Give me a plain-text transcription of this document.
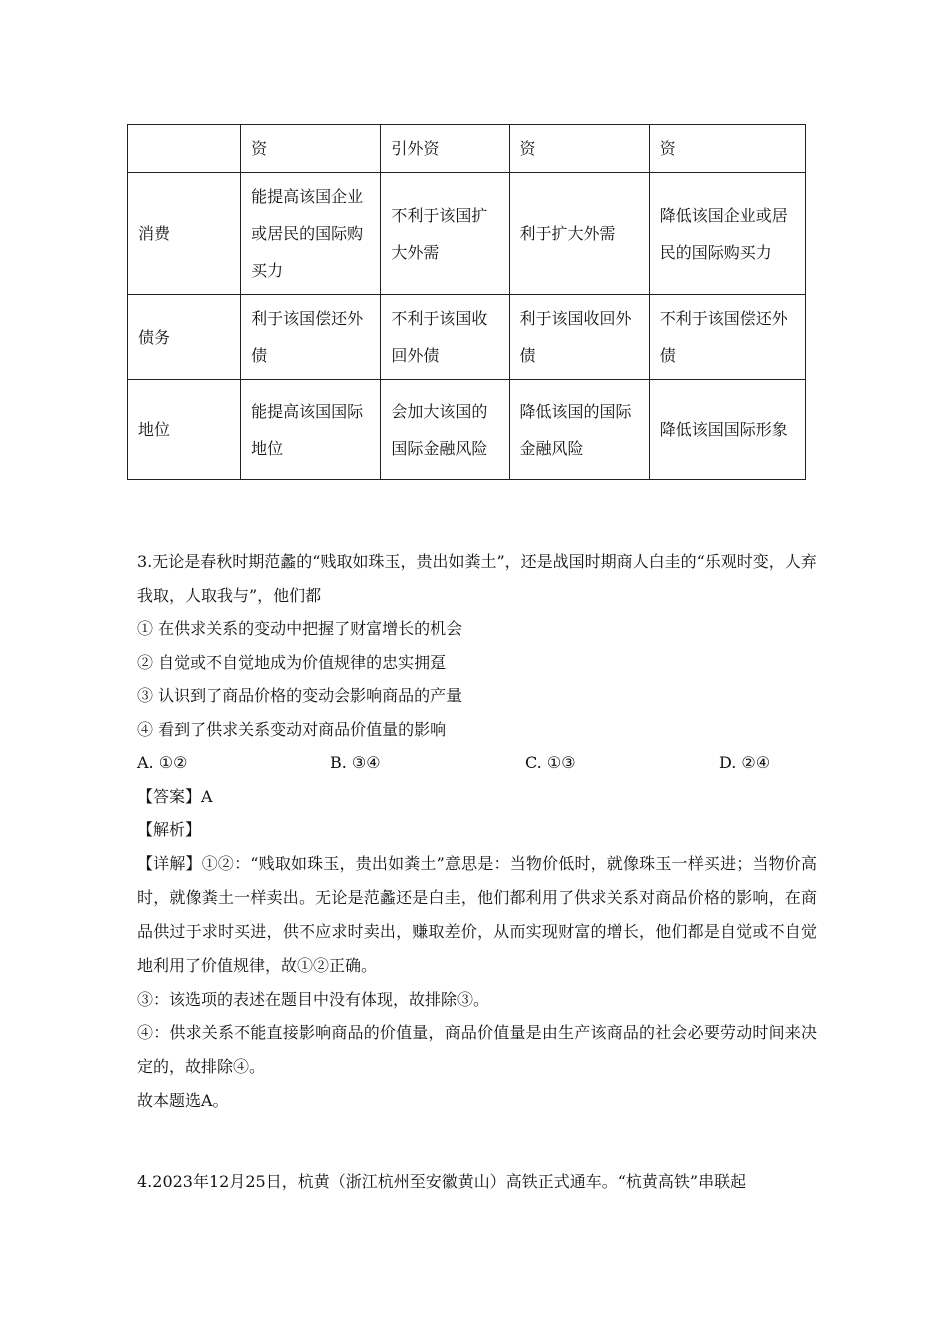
	资	引外资	资	资
消费	能提高该国企业或居民的国际购买力	不利于该国扩大外需	利于扩大外需	降低该国企业或居民的国际购买力
债务	利于该国偿还外债	不利于该国收回外债	利于该国收回外债	不利于该国偿还外债
地位	能提高该国国际地位	会加大该国的国际金融风险	降低该国的国际金融风险	降低该国国际形象

3.无论是春秋时期范蠡的“贱取如珠玉，贵出如粪土”，还是战国时期商人白圭的“乐观时变，人弃我取，人取我与”，他们都

① 在供求关系的变动中把握了财富增长的机会

② 自觉或不自觉地成为价值规律的忠实拥趸

③ 认识到了商品价格的变动会影响商品的产量

④ 看到了供求关系变动对商品价值量的影响

A. ①②	B. ③④	C. ①③	D. ②④

【答案】A

【解析】

【详解】①②：“贱取如珠玉，贵出如粪土”意思是：当物价低时，就像珠玉一样买进；当物价高时，就像粪土一样卖出。无论是范蠡还是白圭，他们都利用了供求关系对商品价格的影响，在商品供过于求时买进，供不应求时卖出，赚取差价，从而实现财富的增长，他们都是自觉或不自觉地利用了价值规律，故①②正确。

③：该选项的表述在题目中没有体现，故排除③。

④：供求关系不能直接影响商品的价值量，商品价值量是由生产该商品的社会必要劳动时间来决定的，故排除④。

故本题选A。

4.2023年12月25日，杭黄（浙江杭州至安徽黄山）高铁正式通车。“杭黄高铁”串联起
